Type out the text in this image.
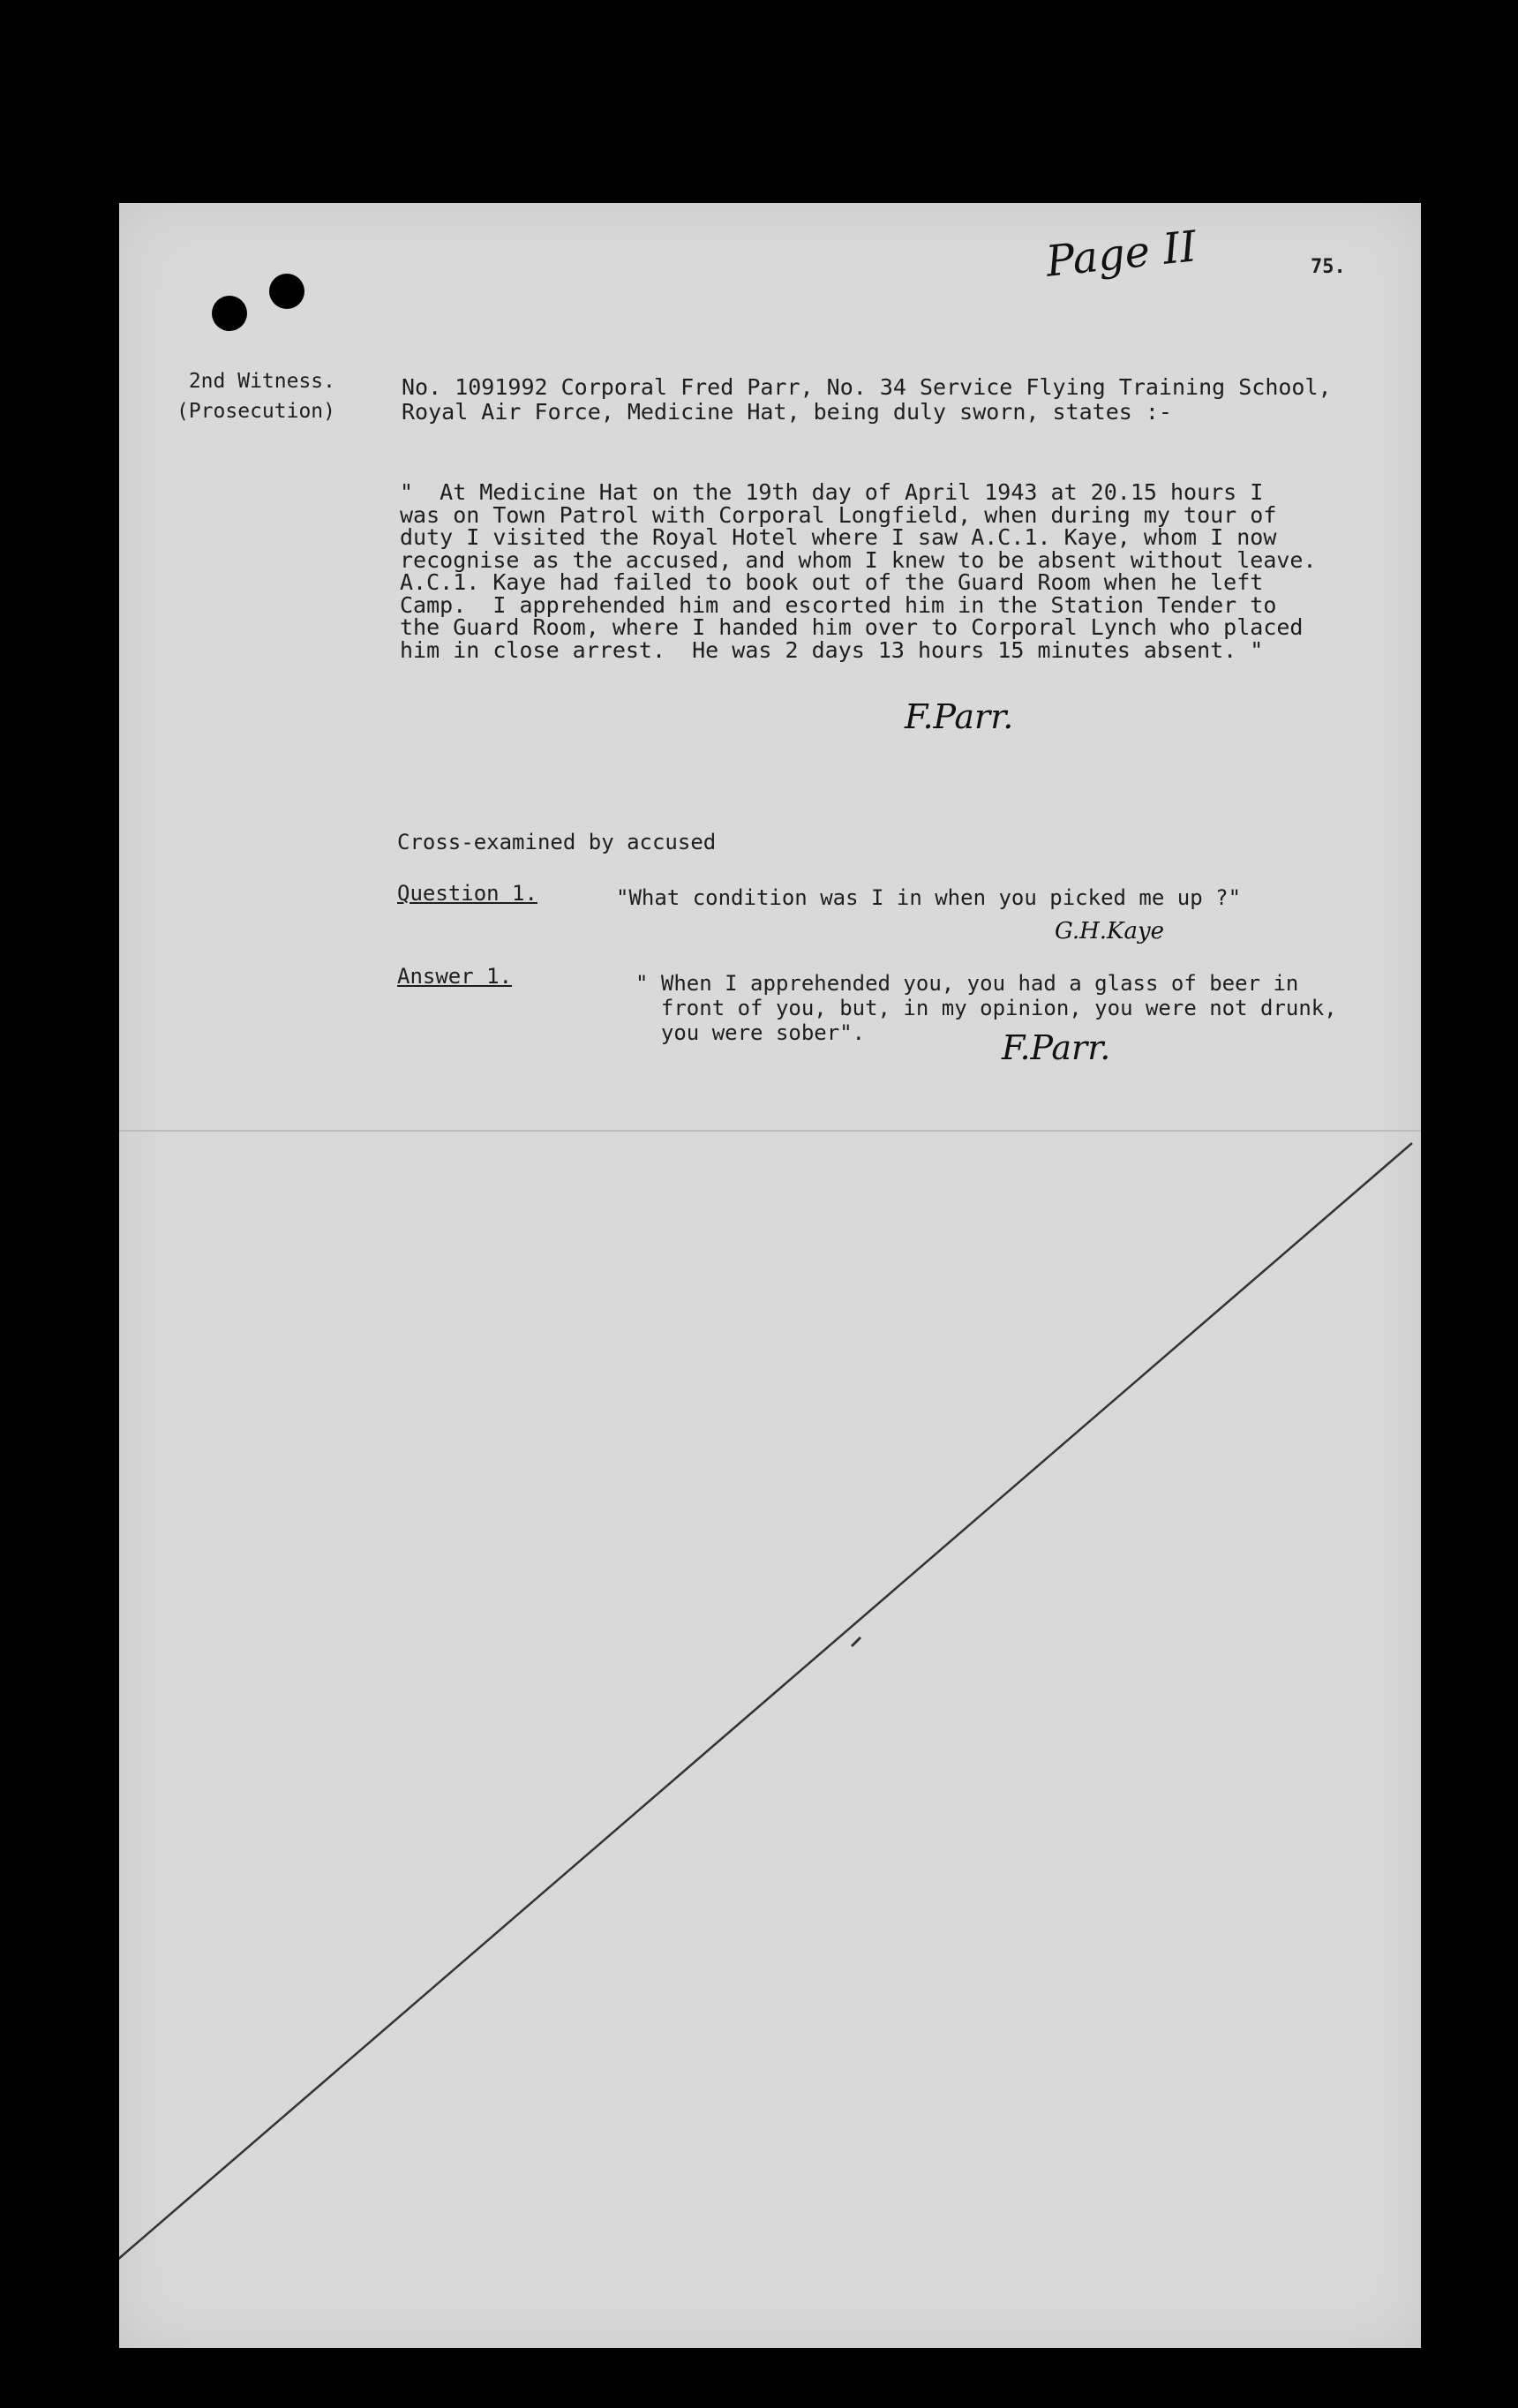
Page II	75.
2nd Witness.
(Prosecution)
No. 1091992 Corporal Fred Parr, No. 34 Service Flying Training School,
Royal Air Force, Medicine Hat, being duly sworn, states :-
"  At Medicine Hat on the 19th day of April 1943 at 20.15 hours I
was on Town Patrol with Corporal Longfield, when during my tour of
duty I visited the Royal Hotel where I saw A.C.1. Kaye, whom I now
recognise as the accused, and whom I knew to be absent without leave.
A.C.1. Kaye had failed to book out of the Guard Room when he left
Camp.  I apprehended him and escorted him in the Station Tender to
the Guard Room, where I handed him over to Corporal Lynch who placed
him in close arrest.  He was 2 days 13 hours 15 minutes absent. "
F.Parr.
Cross-examined by accused
Question 1.	"What condition was I in when you picked me up ?"
G.H.Kaye
Answer 1.	" When I apprehended you, you had a glass of beer in
front of you, but, in my opinion, you were not drunk,
you were sober".	F.Parr.
